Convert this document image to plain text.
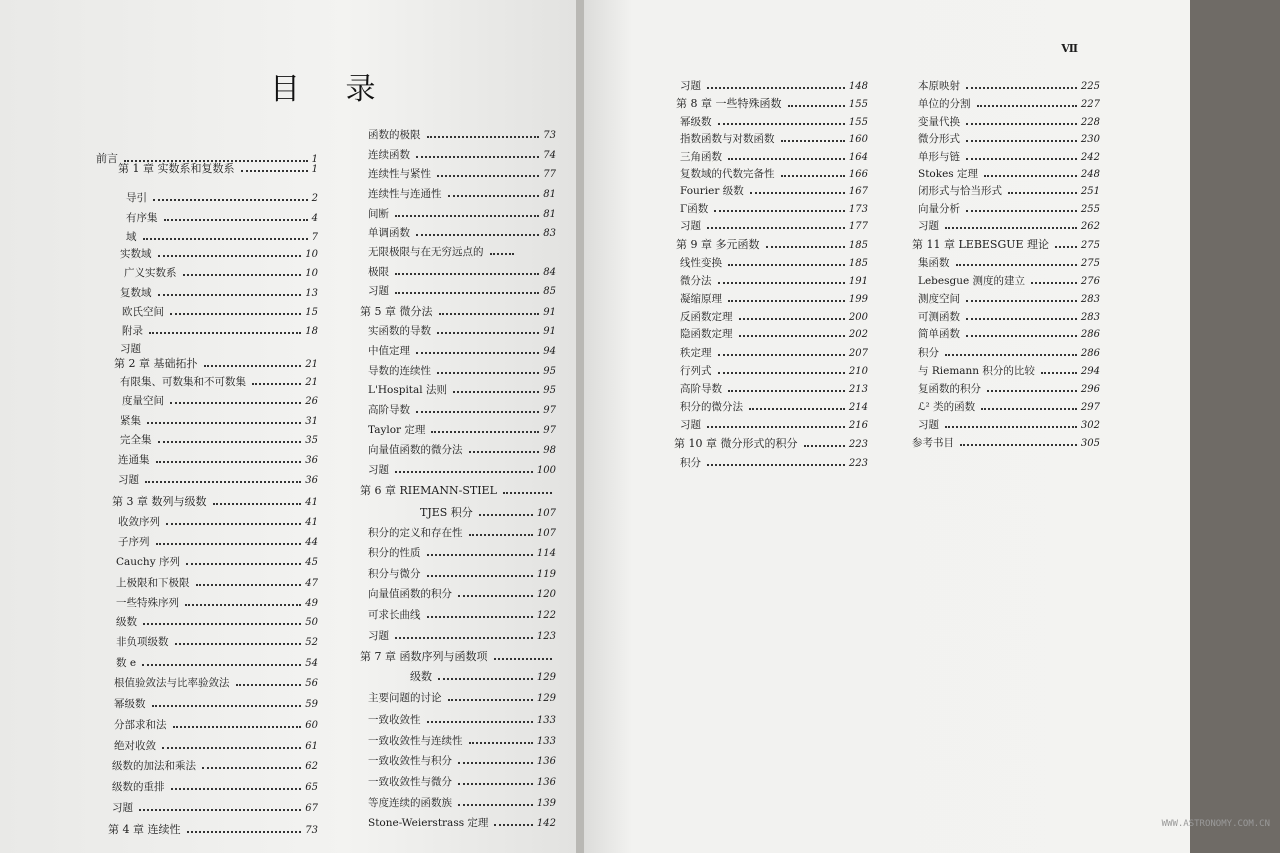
目 录
前言	1
第 1 章 实数系和复数系	1
导引	2
有序集	4
域	7
实数域	10
广义实数系	10
复数域	13
欧氏空间	15
附录	18
习题
第 2 章 基础拓扑	21
有限集、可数集和不可数集	21
度量空间	26
紧集	31
完全集	35
连通集	36
习题	36
第 3 章 数列与级数	41
收敛序列	41
子序列	44
Cauchy 序列	45
上极限和下极限	47
一些特殊序列	49
级数	50
非负项级数	52
数 e	54
根值验敛法与比率验敛法	56
幂级数	59
分部求和法	60
绝对收敛	61
级数的加法和乘法	62
级数的重排	65
习题	67
第 4 章 连续性	73
函数的极限	73
连续函数	74
连续性与紧性	77
连续性与连通性	81
间断	81
单调函数	83
无限极限与在无穷远点的
极限	84
习题	85
第 5 章 微分法	91
实函数的导数	91
中值定理	94
导数的连续性	95
L'Hospital 法则	95
高阶导数	97
Taylor 定理	97
向量值函数的微分法	98
习题	100
第 6 章 RIEMANN-STIEL
TJES 积分	107
积分的定义和存在性	107
积分的性质	114
积分与微分	119
向量值函数的积分	120
可求长曲线	122
习题	123
第 7 章 函数序列与函数项
级数	129
主要问题的讨论	129
一致收敛性	133
一致收敛性与连续性	133
一致收敛性与积分	136
一致收敛性与微分	136
等度连续的函数族	139
Stone-Weierstrass 定理	142
Ⅶ
习题	148
第 8 章 一些特殊函数	155
幂级数	155
指数函数与对数函数	160
三角函数	164
复数域的代数完备性	166
Fourier 级数	167
Γ函数	173
习题	177
第 9 章 多元函数	185
线性变换	185
微分法	191
凝缩原理	199
反函数定理	200
隐函数定理	202
秩定理	207
行列式	210
高阶导数	213
积分的微分法	214
习题	216
第 10 章 微分形式的积分	223
积分	223
本原映射	225
单位的分割	227
变量代换	228
微分形式	230
单形与链	242
Stokes 定理	248
闭形式与恰当形式	251
向量分析	255
习题	262
第 11 章 LEBESGUE 理论	275
集函数	275
Lebesgue 测度的建立	276
测度空间	283
可测函数	283
简单函数	286
积分	286
与 Riemann 积分的比较	294
复函数的积分	296
ℒ² 类的函数	297
习题	302
参考书目	305
WWW.ASTRONOMY.COM.CN
